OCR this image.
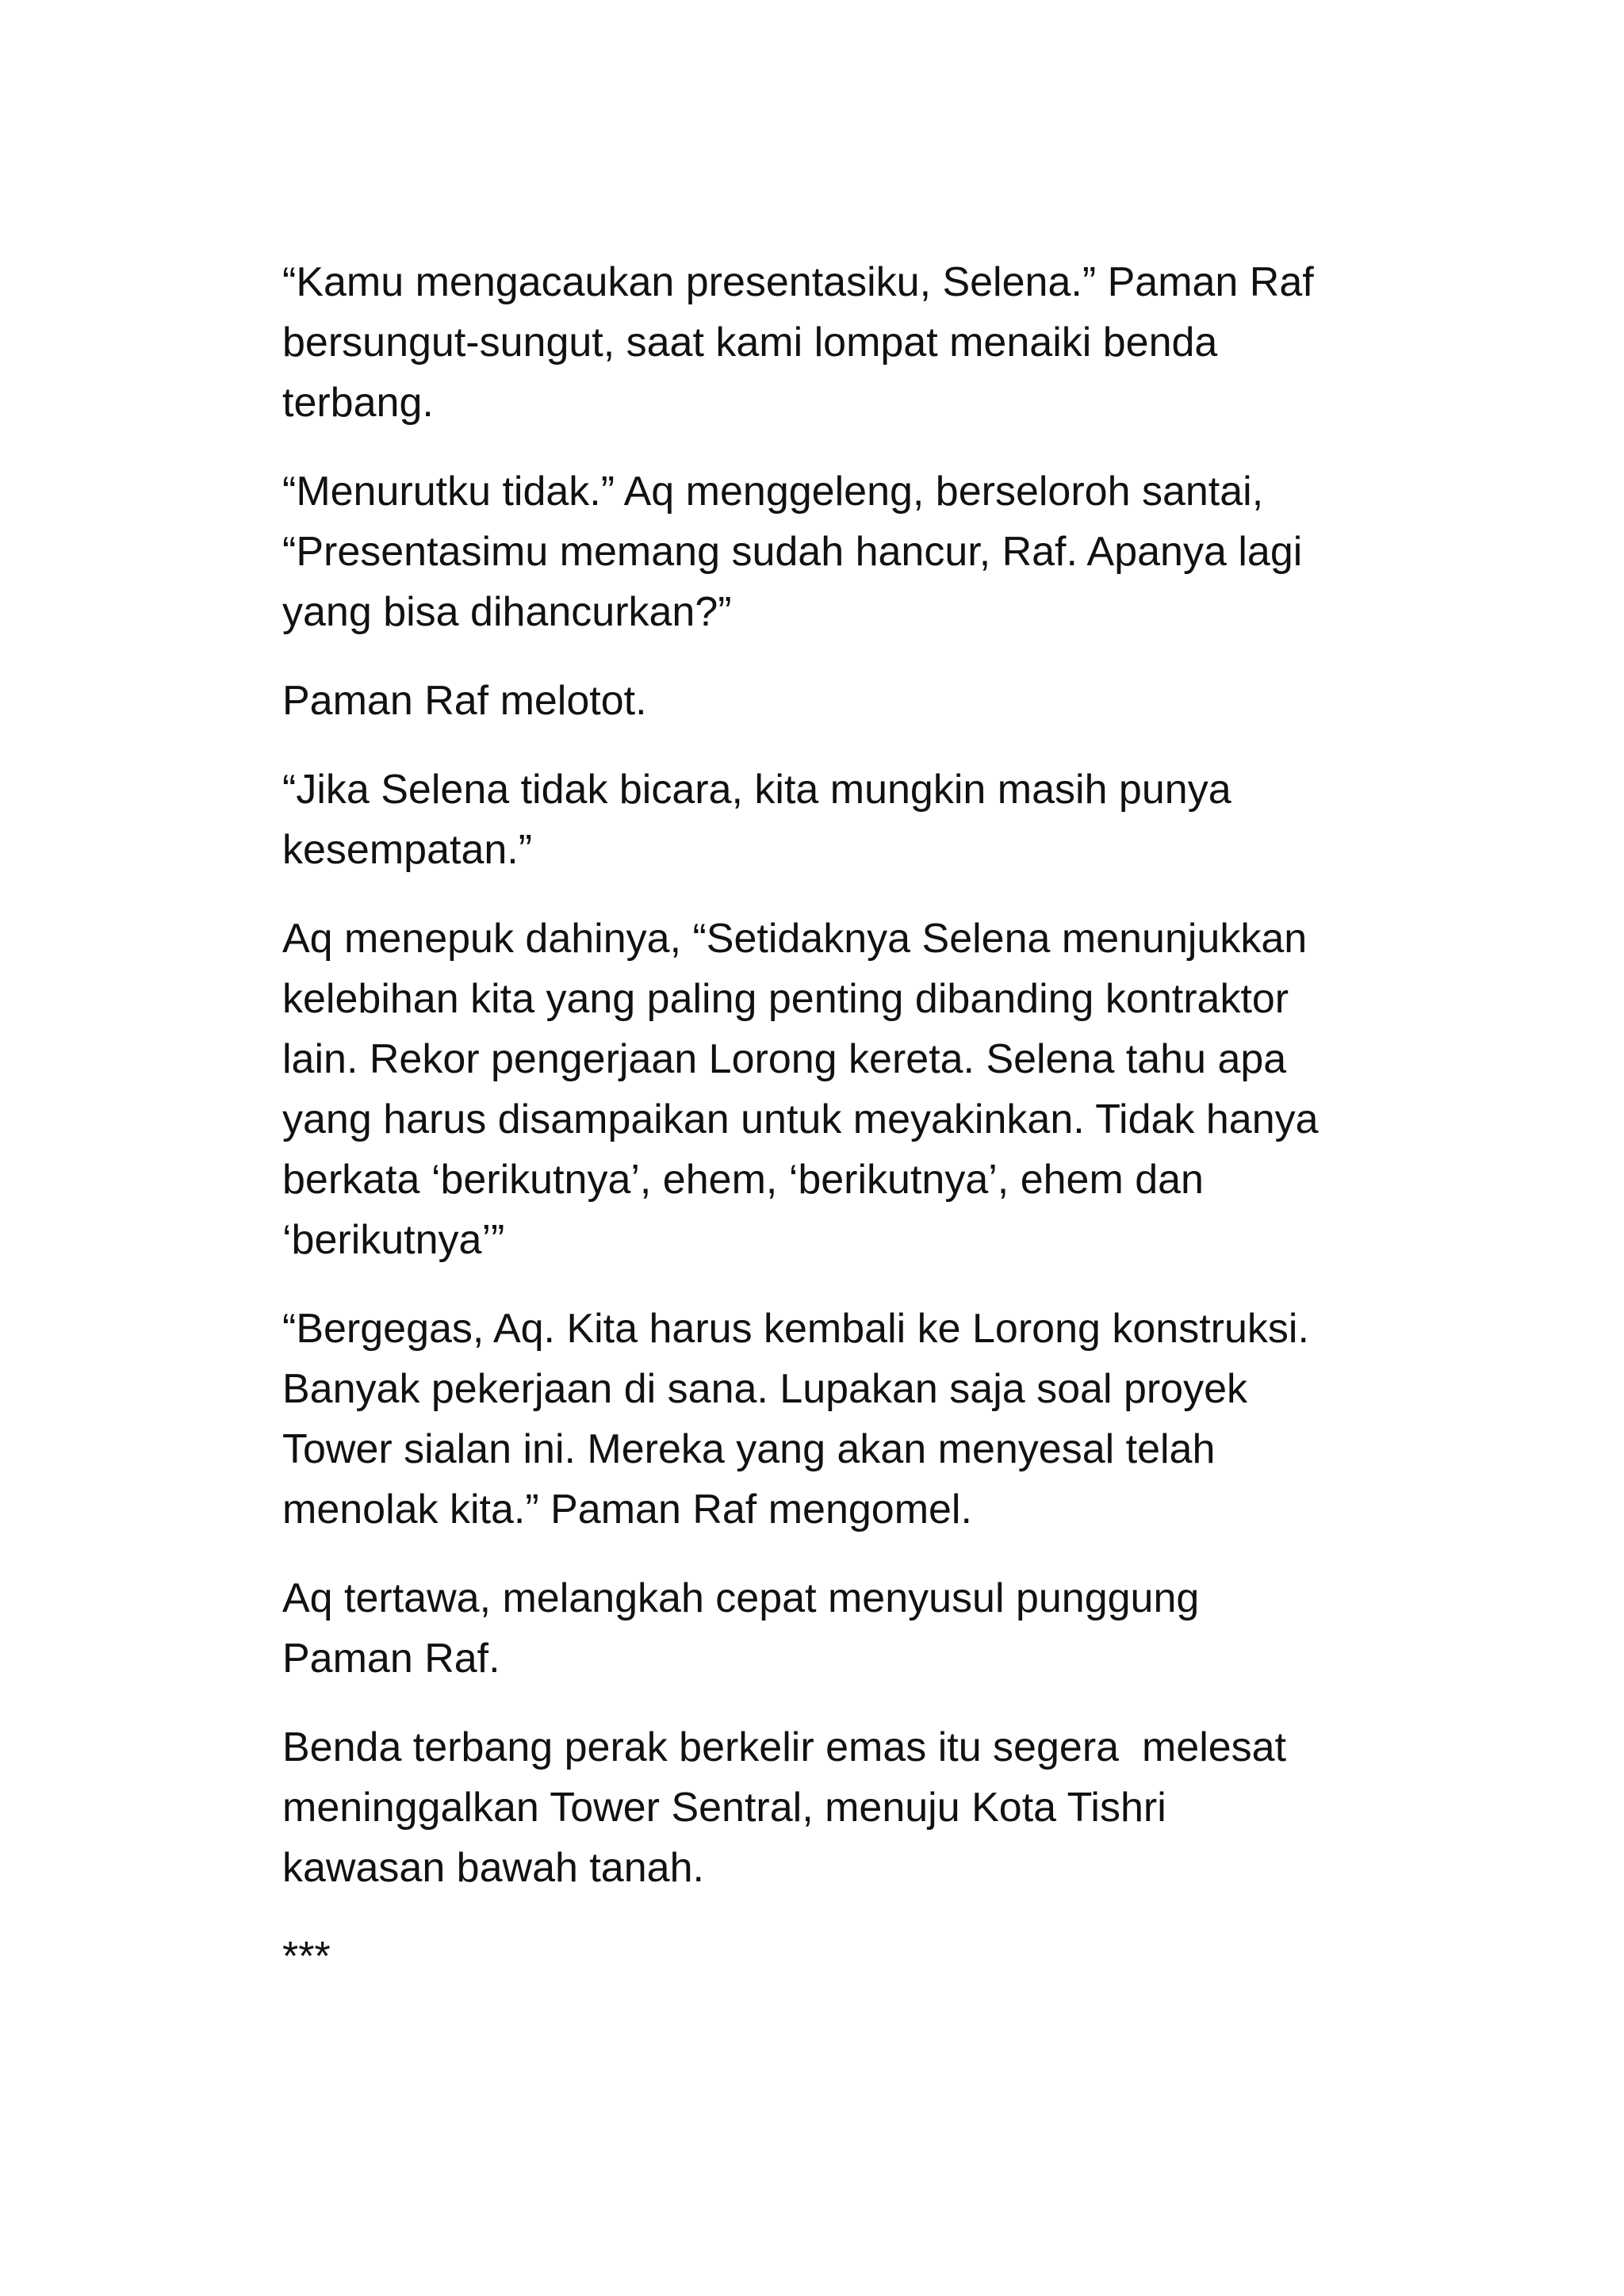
“Kamu mengacaukan presentasiku, Selena.” Paman Raf
bersungut-sungut, saat kami lompat menaiki benda
terbang.
“Menurutku tidak.” Aq menggeleng, berseloroh santai,
“Presentasimu memang sudah hancur, Raf. Apanya lagi
yang bisa dihancurkan?”
Paman Raf melotot.
“Jika Selena tidak bicara, kita mungkin masih punya
kesempatan.”
Aq menepuk dahinya, “Setidaknya Selena menunjukkan
kelebihan kita yang paling penting dibanding kontraktor
lain. Rekor pengerjaan Lorong kereta. Selena tahu apa
yang harus disampaikan untuk meyakinkan. Tidak hanya
berkata ‘berikutnya’, ehem, ‘berikutnya’, ehem dan
‘berikutnya’”
“Bergegas, Aq. Kita harus kembali ke Lorong konstruksi.
Banyak pekerjaan di sana. Lupakan saja soal proyek
Tower sialan ini. Mereka yang akan menyesal telah
menolak kita.” Paman Raf mengomel.
Aq tertawa, melangkah cepat menyusul punggung
Paman Raf.
Benda terbang perak berkelir emas itu segera  melesat
meninggalkan Tower Sentral, menuju Kota Tishri
kawasan bawah tanah.
***
